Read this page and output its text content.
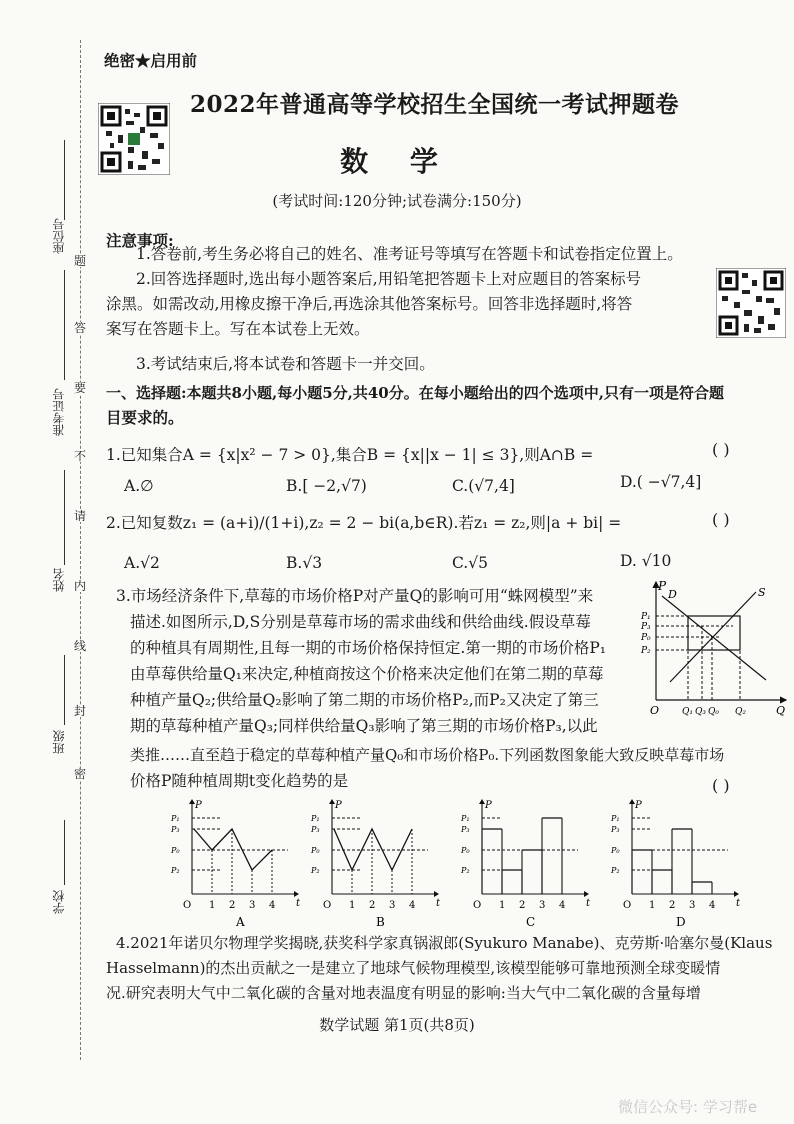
题
答
要
不
请
内
线
封
密
座位号
准考证号
姓名
班级
学校
绝密★启用前
2022年普通高等学校招生全国统一考试押题卷
数 学
(考试时间:120分钟;试卷满分:150分)
注意事项:
1.答卷前,考生务必将自己的姓名、准考证号等填写在答题卡和试卷指定位置上。
2.回答选择题时,选出每小题答案后,用铅笔把答题卡上对应题目的答案标号
涂黑。如需改动,用橡皮擦干净后,再选涂其他答案标号。回答非选择题时,将答
案写在答题卡上。写在本试卷上无效。
3.考试结束后,将本试卷和答题卡一并交回。
一、选择题:本题共8小题,每小题5分,共40分。在每小题给出的四个选项中,只有一项是符合题
目要求的。
1.已知集合A = {x|x² − 7 > 0},集合B = {x||x − 1| ≤ 3},则A∩B =	( )
A.∅	B.[ −2,√7)	C.(√7,4]	D.( −√7,4]
2.已知复数z₁ = (a+i)/(1+i),z₂ = 2 − bi(a,b∈R).若z₁ = z₂,则|a + bi| =	( )
A.√2	B.√3	C.√5	D. √10
3.市场经济条件下,草莓的市场价格P对产量Q的影响可用“蛛网模型”来
描述.如图所示,D,S分别是草莓市场的需求曲线和供给曲线.假设草莓
的种植具有周期性,且每一期的市场价格保持恒定.第一期的市场价格P₁
由草莓供给量Q₁来决定,种植商按这个价格来决定他们在第二期的草莓
种植产量Q₂;供给量Q₂影响了第二期的市场价格P₂,而P₂又决定了第三
期的草莓种植产量Q₃;同样供给量Q₃影响了第三期的市场价格P₃,以此
类推……直至趋于稳定的草莓种植产量Q₀和市场价格P₀.下列函数图象能大致反映草莓市场
价格P随种植周期t变化趋势的是	( )
P
D	S
P₁
P₃
P₀
P₂
O	Q₁ Q₃ Q₀ Q₂	Q
P
t
O
P₁
P₃
P₀
P₂
1 2 3 4
A
P
t
O
P₁
P₃
P₀
P₂
1 2 3 4
B
P
t
O
P₁
P₃
P₀
P₂
1 2 3 4
C
P
t
O
P₁
P₃
P₀
P₂
1 2 3 4
D
4.2021年诺贝尔物理学奖揭晓,获奖科学家真锅淑郎(Syukuro Manabe)、克劳斯·哈塞尔曼(Klaus
Hasselmann)的杰出贡献之一是建立了地球气候物理模型,该模型能够可靠地预测全球变暖情
况.研究表明大气中二氧化碳的含量对地表温度有明显的影响:当大气中二氧化碳的含量每增
数学试题 第1页(共8页)
微信公众号: 学习帮e
